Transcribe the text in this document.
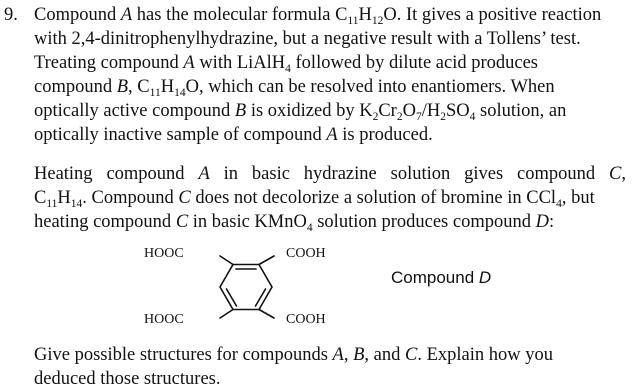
9. Compound A has the molecular formula $C_{11}H_{12}O$. It gives a positive reaction
with 2,4-dinitrophenylhydrazine, but a negative result with a Tollens’ test.
Treating compound A with LiAlH$_4$ followed by dilute acid produces
compound B, $C_{11}H_{14}O$, which can be resolved into enantiomers. When
optically active compound B is oxidized by $K_2Cr_2O_7/H_2SO_4$ solution, an
optically inactive sample of compound A is produced.
Heating compound A in basic hydrazine solution gives compound C,
$C_{11}H_{14}$. Compound C does not decolorize a solution of bromine in CCl$_4$, but
heating compound C in basic KMnO$_4$ solution produces compound D:
HOOC	COOH
HOOC	COOH
Compound D
Give possible structures for compounds A, B, and C. Explain how you
deduced those structures.
